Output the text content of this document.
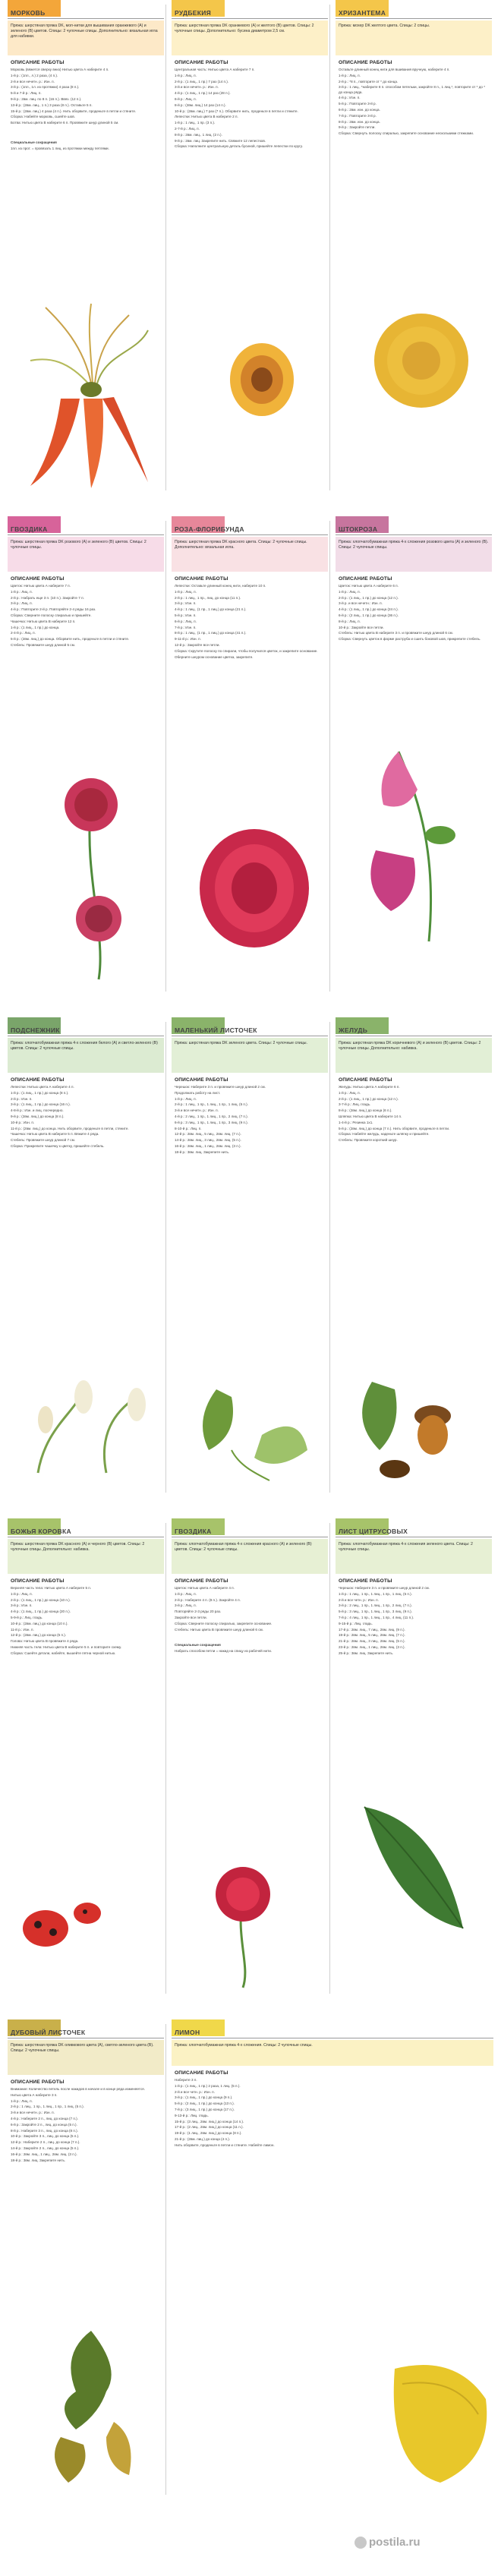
МОРКОВЬ
Пряжа: шерстяная пряжа DK, моп-нитки для вышивания оранжевого (А) и зеленого (В) цветов. Спицы: 2 чулочные спицы. Дополнительно: вязальная игла для набивки.
ОПИСАНИЕ РАБОТЫ

Морковь (вяжется сверху вниз) Нитью цвета А наберите 4 п.

1-й р.: (1пл., л.) 2 раза, (4 п.).

2-й и все нечетн. р.: Изн. п.

3-й р.: (1пл., 1л. из протяжки) 4 раза (8 п.).

5-й и 7-й р.: Лиц. п.

9-й р.: 2вм. лиц. по 8 п. (16 п.). Ввяз. (12 п.).

13-й р.: (2вм. лиц., 1 п.) 3 раза (8 п.). Оставьте 5 п.

15-й р.: (2вм. лиц.) 4 раза (4 п.). Нить оборвите, проденьте в петли и стяните.

Сборка: Набейте морковь, сшейте шов.

Ботва: Нитью цвета В наберите 6 п. Провяжите шнур длиной 5 см.

Специальные сокращения

1пл. из прот. = провязать 1 лиц. из протяжки между петлями.

РУДБЕКИЯ
Пряжа: шерстяная пряжа DK оранжевого (А) и желтого (В) цветов. Спицы: 2 чулочные спицы. Дополнительно: бусина диаметром 2,5 см.
ОПИСАНИЕ РАБОТЫ

Центральная часть: Нитью цвета А наберите 7 п.

1-й р.: Лиц. п.

2-й р.: (1 лиц., 1 пр.) 7 раз (14 п.).

3-й и все нечетн. р.: Изн. п.

4-й р.: (1 лиц., 1 пр.) 14 раз (28 п.).

6-й р.: Лиц. п.

8-й р.: (2вм. лиц.) 14 раз (14 п.).

10-й р.: (2вм. лиц.) 7 раз (7 п.). Оборвите нить, проденьте в петли и стяните.

Лепестки: Нитью цвета В наберите 2 п.

1-й р.: 1 лиц., 1 пр. (3 п.).

2-7-й р.: Лиц. п.

8-й р.: 2вм. лиц., 1 лиц. (2 п.).

9-й р.: 2вм. лиц. Закрепите нить. Свяжите 12 лепестков.

Сборка: Наполните центральную деталь бусиной, пришейте лепестки по кругу.

ХРИЗАНТЕМА
Пряжа: мохер DK желтого цвета. Спицы: 2 спицы.
ОПИСАНИЕ РАБОТЫ

Оставьте длинный конец нити для вшивания вручную, наберите 4 п.

1-й р.: Лиц. п.

2-й р.: *8 п., повторите от * до конца.

3-й р.: 1 лиц., *наберите 8 п. способом петельки, закройте 8 п., 1 лиц.*, повторите от * до * до конца ряда.

4-й р.: Изн. п.

5-й р.: Повторите 3-й р.

6-й р.: 2вм. изн. до конца.

7-й р.: Повторите 3-й р.

8-й р.: 2вм. изн. до конца.

9-й р.: Закройте петли.

Сборка: Свернуть полоску спиралью, закрепите основание несколькими стежками.

ГВОЗДИКА
Пряжа: шерстяная пряжа DK розового (А) и зеленого (В) цветов. Спицы: 2 чулочные спицы.
ОПИСАНИЕ РАБОТЫ

Цветок: Нитью цвета А наберите 7 п.

1-й р.: Лиц. п.

2-й р.: Набрать еще 3 п. (10 п.). Закройте 7 п.

3-й р.: Лиц. п.

4-й р.: Повторите 2-й р. Повторяйте 2-4 ряды 16 раз.

Сборка: Сверните полоску спиралью и пришейте.

Чашечка: Нитью цвета В наберите 12 п.

1-й р.: (1 лиц., 1 пр.) до конца.

2-4-й р.: Лиц. п.

5-й р.: (2вм. лиц.) до конца. Оборвите нить, проденьте в петли и стяните.

Стебель: Провяжите шнур длиной 5 см.

РОЗА-ФЛОРИБУНДА
Пряжа: шерстяная пряжа DK красного цвета. Спицы: 2 чулочные спицы. Дополнительно: вязальная игла.
ОПИСАНИЕ РАБОТЫ

Лепестки: Оставьте длинный конец нити, наберите 10 п.

1-й р.: Лиц. п.

2-й р.: 1 лиц., 1 пр., лиц. до конца (11 п.).

3-й р.: Изн. п.

4-й р.: 1 лиц., (1 пр., 1 лиц.) до конца (21 п.).

5-й р.: Изн. п.

6-й р.: Лиц. п.

7-й р.: Изн. п.

8-й р.: 1 лиц., (1 пр., 1 лиц.) до конца (41 п.).

9-11-й р.: Изн. п.

12-й р.: Закройте все петли.

Сборка: Скрутите полоску по спирали, чтобы получился цветок, и закрепите основание.

Оберните шнуром основание цветка, закрепите.

ШТОКРОЗА
Пряжа: хлопчатобумажная пряжа 4-х сложения розового цвета (А) и зеленого (В). Спицы: 2 чулочные спицы.
ОПИСАНИЕ РАБОТЫ

Цветок: Нитью цвета А наберите 6 п.

1-й р.: Лиц. п.

2-й р.: (1 лиц., 1 пр.) до конца (12 п.).

3-й р. и все нечетн.: Изн. п.

4-й р.: (1 лиц., 1 пр.) до конца (24 п.).

6-й р.: (2 лиц., 1 пр.) до конца (36 п.).

8-й р.: Лиц. п.

10-й р.: Закройте все петли.

Стебель: Нитью цвета В наберите 3 п. и провяжите шнур длиной 6 см.

Сборка: Свернуть цветок в форме раструба и сшить боковой шов, прикрепите стебель.

ПОДСНЕЖНИК
Пряжа: хлопчатобумажная пряжа 4-х сложения белого (А) и светло-зеленого (В) цветов. Спицы: 2 чулочные спицы.
ОПИСАНИЕ РАБОТЫ

Лепестки: Нитью цвета А наберите 4 п.

1-й р.: (1 лиц., 1 пр.) до конца (8 п.).

2-й р.: Изн. п.

3-й р.: (1 лиц., 1 пр.) до конца (16 п.).

4-8-й р.: Изн. и лиц. поочередно.

9-й р.: (2вм. лиц.) до конца (8 п.).

10-й р.: Изн. п.

11-й р.: (2вм. лиц.) до конца. Нить оборвите, проденьте в петли, стяните.

Чашечка: Нитью цвета В наберите 5 п. Вяжите 4 ряда.

Стебель: Провяжите шнур длиной 7 см.

Сборка: Прикрепите чашечку к цветку, пришейте стебель.

МАЛЕНЬКИЙ ЛИСТОЧЕК
Пряжа: шерстяная пряжа DK зеленого цвета. Спицы: 2 чулочные спицы.
ОПИСАНИЕ РАБОТЫ

Черешок: Наберите 3 п. и провяжите шнур длиной 2 см.

Продолжать работу на лист.

1-й р.: Лиц. п.

2-й р.: 1 лиц., 1 пр., 1 лиц., 1 пр., 1 лиц. (5 п.).

3-й и все нечетн. р.: Изн. п.

4-й р.: 2 лиц., 1 пр., 1 лиц., 1 пр., 2 лиц. (7 п.).

6-й р.: 3 лиц., 1 пр., 1 лиц., 1 пр., 3 лиц. (9 п.).

8-10-й р.: Лиц. п.

12-й р.: 2вм. лиц., 5 лиц., 2вм. лиц. (7 п.).

14-й р.: 2вм. лиц., 3 лиц., 2вм. лиц. (5 п.).

16-й р.: 2вм. лиц., 1 лиц., 2вм. лиц. (3 п.).

18-й р.: 3вм. лиц. Закрепите нить.

ЖЕЛУДЬ
Пряжа: шерстяная пряжа DK коричневого (А) и зеленого (В) цветов. Спицы: 2 чулочные спицы. Дополнительно: набивка.
ОПИСАНИЕ РАБОТЫ

Желудь: Нитью цвета А наберите 6 п.

1-й р.: Лиц. п.

2-й р.: (1 лиц., 1 пр.) до конца (12 п.).

3-7-й р.: Лиц. гладь.

8-й р.: (2вм. лиц.) до конца (6 п.).

Шляпка: Нитью цвета В наберите 14 п.

1-4-й р.: Резинка 1х1.

5-й р.: (2вм. лиц.) до конца (7 п.). Нить оборвите, проденьте в петли.

Сборка: Набейте желудь, наденьте шляпку и пришейте.

Стебель: Провяжите короткий шнур.

БОЖЬЯ КОРОВКА
Пряжа: шерстяная пряжа DK красного (А) и черного (В) цветов. Спицы: 2 чулочные спицы. Дополнительно: набивка.
ОПИСАНИЕ РАБОТЫ

Верхняя часть тела: Нитью цвета А наберите 5 п.

1-й р.: Лиц. п.

2-й р.: (1 лиц., 1 пр.) до конца (10 п.).

3-й р.: Изн. п.

4-й р.: (1 лиц., 1 пр.) до конца (20 п.).

5-9-й р.: Лиц. гладь.

10-й р.: (2вм. лиц.) до конца (10 п.).

11-й р.: Изн. п.

12-й р.: (2вм. лиц.) до конца (5 п.).

Голова: Нитью цвета В провяжите 4 ряда.

Нижняя часть тела: Нитью цвета В наберите 5 п. и повторите схему.

Сборка: Сшейте детали, набейте, вышейте пятна черной нитью.

ГВОЗДИКА
Пряжа: хлопчатобумажная пряжа 4-х сложения красного (А) и зеленого (В) цветов. Спицы: 2 чулочные спицы.
ОПИСАНИЕ РАБОТЫ

Цветок: Нитью цвета А наберите 4 п.

1-й р.: Лиц. п.

2-й р.: Наберите 4 п. (8 п.). Закройте 4 п.

3-й р.: Лиц. п.

Повторяйте 2-3 ряды 20 раз.

Закройте все петли.

Сборка: Сверните полоску спиралью, закрепите основание.

Стебель: Нитью цвета В провяжите шнур длиной 6 см.

Специальные сокращения

Набрать способом петли = накид на спицу из рабочей нити.

ЛИСТ ЦИТРУСОВЫХ
Пряжа: хлопчатобумажная пряжа 4-х сложения зеленого цвета. Спицы: 2 чулочные спицы.
ОПИСАНИЕ РАБОТЫ

Черешок: Наберите 3 п. и провяжите шнур длиной 2 см.

1-й р.: 1 лиц., 1 пр., 1 лиц., 1 пр., 1 лиц. (5 п.).

2-й и все четн. р.: Изн. п.

3-й р.: 2 лиц., 1 пр., 1 лиц., 1 пр., 2 лиц. (7 п.).

5-й р.: 3 лиц., 1 пр., 1 лиц., 1 пр., 3 лиц. (9 п.).

7-й р.: 4 лиц., 1 пр., 1 лиц., 1 пр., 4 лиц. (11 п.).

9-15-й р.: Лиц. гладь.

17-й р.: 2вм. лиц., 7 лиц., 2вм. лиц. (9 п.).

19-й р.: 2вм. лиц., 5 лиц., 2вм. лиц. (7 п.).

21-й р.: 2вм. лиц., 3 лиц., 2вм. лиц. (5 п.).

23-й р.: 2вм. лиц., 1 лиц., 2вм. лиц. (3 п.).

25-й р.: 3вм. лиц. Закрепите нить.

ДУБОВЫЙ ЛИСТОЧЕК
Пряжа: шерстяная пряжа DK оливкового цвета (А), светло-зеленого цвета (В). Спицы: 2 чулочные спицы.
ОПИСАНИЕ РАБОТЫ

Внимание: Количество петель после накидов в начале и в конце ряда изменяется.

Нитью цвета А наберите 3 п.

1-й р.: Лиц. п.

2-й р.: 1 лиц., 1 пр., 1 лиц., 1 пр., 1 лиц. (5 п.).

3-й и все нечетн. р.: Изн. п.

4-й р.: Наберите 2 п., лиц. до конца (7 п.).

6-й р.: Закройте 2 п., лиц. до конца (5 п.).

8-й р.: Наберите 3 п., лиц. до конца (8 п.).

10-й р.: Закройте 3 п., лиц. до конца (5 п.).

12-й р.: Наберите 2 п., лиц. до конца (7 п.).

14-й р.: Закройте 2 п., лиц. до конца (5 п.).

16-й р.: 2вм. лиц., 1 лиц., 2вм. лиц. (3 п.).

18-й р.: 3вм. лиц. Закрепите нить.

ЛИМОН
Пряжа: хлопчатобумажная пряжа 4-х сложения. Спицы: 2 чулочные спицы.
ОПИСАНИЕ РАБОТЫ

Наберите 3 п.

1-й р.: (1 лиц., 1 пр.) 2 раза, 1 лиц. (5 п.).

2-й и все четн. р.: Изн. п.

3-й р.: (1 лиц., 1 пр.) до конца (9 п.).

5-й р.: (2 лиц., 1 пр.) до конца (13 п.).

7-й р.: (3 лиц., 1 пр.) до конца (17 п.).

9-13-й р.: Лиц. гладь.

15-й р.: (3 лиц., 2вм. лиц.) до конца (14 п.).

17-й р.: (2 лиц., 2вм. лиц.) до конца (11 п.).

19-й р.: (1 лиц., 2вм. лиц.) до конца (8 п.).

21-й р.: (2вм. лиц.) до конца (4 п.).

Нить оборвите, проденьте в петли и стяните. Набейте лимон.

postila.ru
